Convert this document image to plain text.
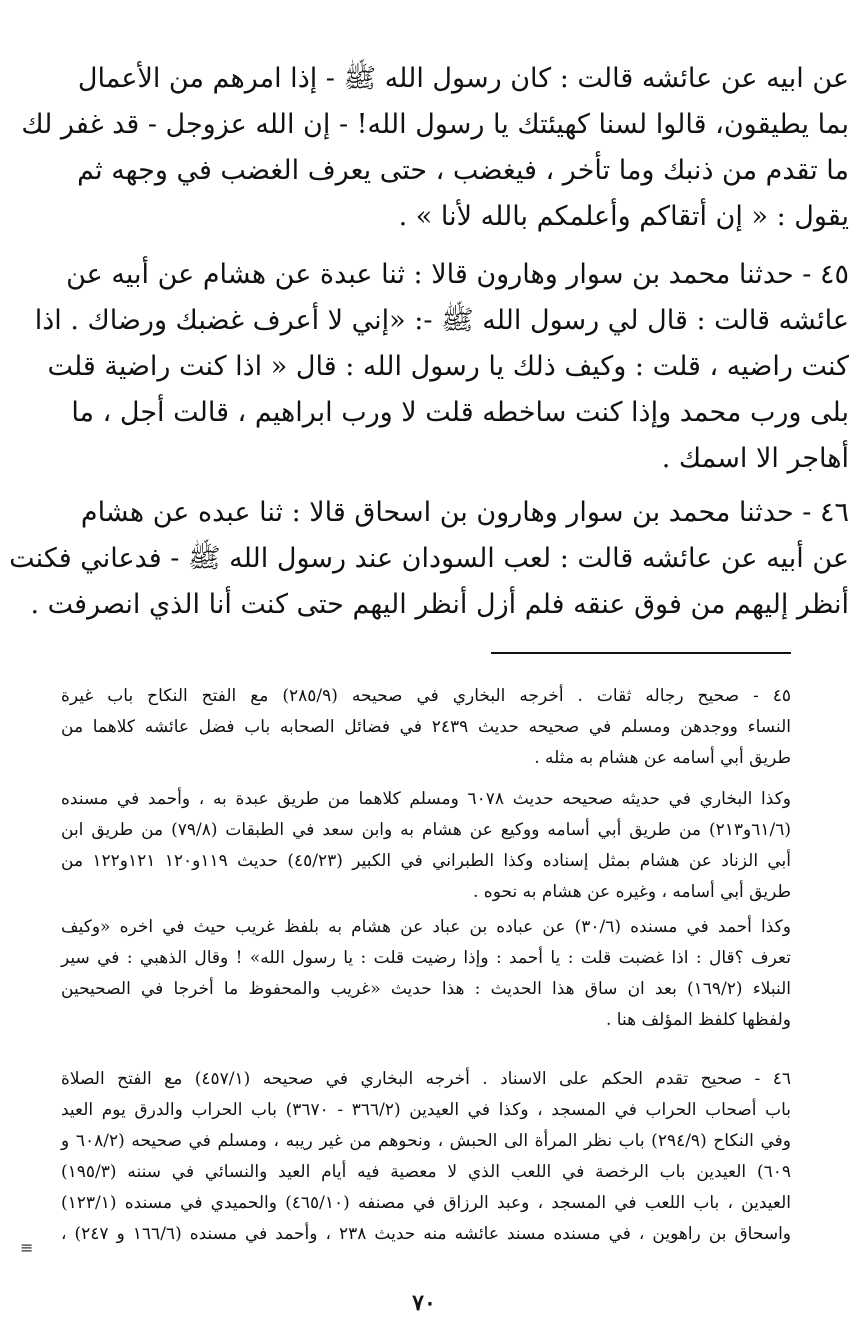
عن ابيه عن عائشه قالت : كان رسول الله ﷺ - إذا امرهم من الأعمال
بما يطيقون، قالوا لسنا كهيئتك يا رسول الله! - إن الله عزوجل - قد غفر لك
ما تقدم من ذنبك وما تأخر ، فيغضب ، حتى يعرف الغضب في وجهه ثم
يقول : « إن أتقاكم وأعلمكم بالله لأنا » .
٤٥ - حدثنا محمد بن سوار وهارون قالا : ثنا عبدة عن هشام عن أبيه عن
عائشه قالت : قال لي رسول الله ﷺ -: «إني لا أعرف غضبك ورضاك . اذا
كنت راضيه ، قلت : وكيف ذلك يا رسول الله : قال « اذا كنت راضية قلت
بلى ورب محمد وإذا كنت ساخطه قلت لا ورب ابراهيم ، قالت أجل ، ما
أهاجر الا اسمك .
٤٦ - حدثنا محمد بن سوار وهارون بن اسحاق قالا : ثنا عبده عن هشام
عن أبيه عن عائشه قالت : لعب السودان عند رسول الله ﷺ - فدعاني فكنت
أنظر إليهم من فوق عنقه فلم أزل أنظر اليهم حتى كنت أنا الذي انصرفت .
٤٥ - صحيح رجاله ثقات . أخرجه البخاري في صحيحه (٢٨٥/٩) مع الفتح النكاح باب غيرة
النساء ووجدهن ومسلم في صحيحه حديث ٢٤٣٩ في فضائل الصحابه باب فضل عائشه كلاهما من
طريق أبي أسامه عن هشام به مثله .
وكذا البخاري في حديثه صحيحه حديث ٦٠٧٨ ومسلم كلاهما من طريق عبدة به ، وأحمد في مسنده
(٦١/٦و٢١٣) من طريق أبي أسامه ووكيع عن هشام به وابن سعد في الطبقات (٧٩/٨) من طريق ابن
أبي الزناد عن هشام بمثل إسناده وكذا الطبراني في الكبير (٤٥/٢٣) حديث ١١٩و١٢٠ ١٢١و١٢٢ من
طريق أبي أسامه ، وغيره عن هشام به نحوه .
وكذا أحمد في مسنده (٣٠/٦) عن عباده بن عباد عن هشام به بلفظ غريب حيث في اخره «وكيف
تعرف ؟قال : اذا غضبت قلت : يا أحمد : وإذا رضيت قلت : يا رسول الله» ! وقال الذهبي : في سير
النبلاء (١٦٩/٢) بعد ان ساق هذا الحديث : هذا حديث «غريب والمحفوظ ما أخرجا في الصحيحين
ولفظها كلفظ المؤلف هنا .
٤٦ - صحيح تقدم الحكم على الاسناد . أخرجه البخاري في صحيحه (٤٥٧/١) مع الفتح الصلاة
باب أصحاب الحراب في المسجد ، وكذا في العيدين (٣٦٦/٢ - ٣٦٧٠) باب الحراب والدرق يوم العيد
وفي النكاح (٢٩٤/٩) باب نظر المرأة الى الحبش ، ونحوهم من غير ريبه ، ومسلم في صحيحه (٦٠٨/٢ و
٦٠٩) العيدين باب الرخصة في اللعب الذي لا معصية فيه أيام العيد والنسائي في سننه (١٩٥/٣)
العيدين ، باب اللعب في المسجد ، وعبد الرزاق في مصنفه (٤٦٥/١٠) والحميدي في مسنده (١٢٣/١)
واسحاق بن راهوين ، في مسنده مسند عائشه منه حديث ٢٣٨ ، وأحمد في مسنده (١٦٦/٦ و ٢٤٧) ،
≡
٧٠
